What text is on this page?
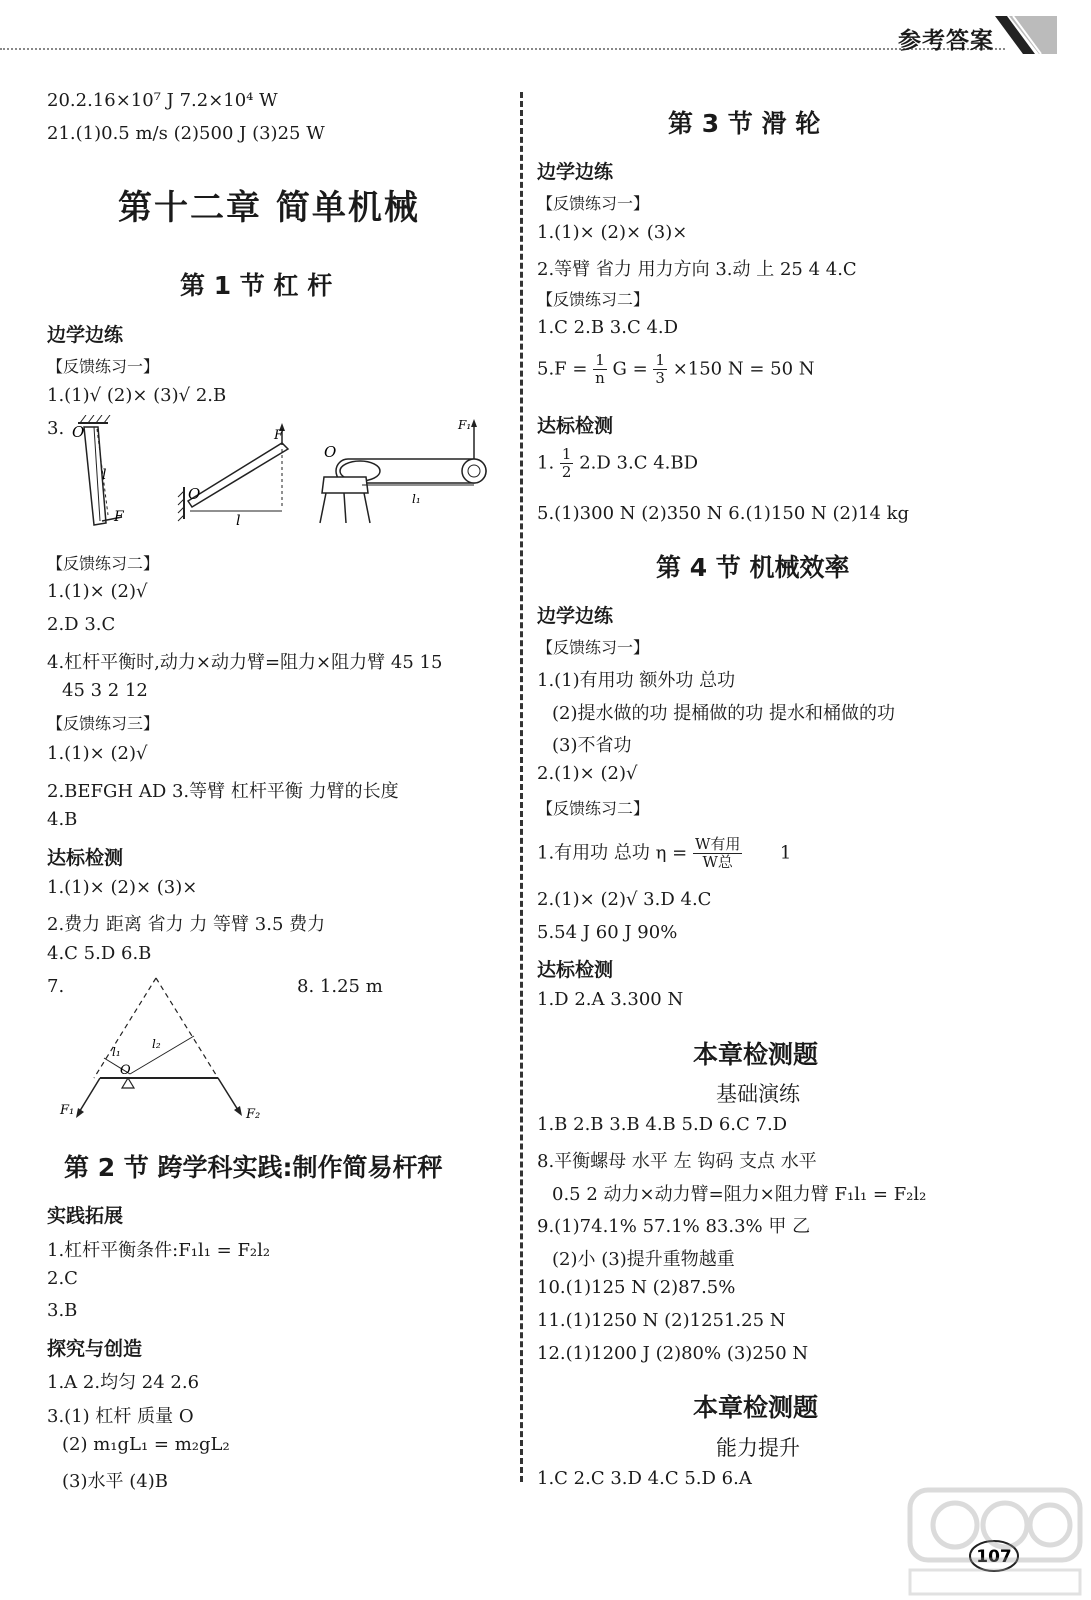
参考答案
20.2.16×10⁷ J 7.2×10⁴ W
21.(1)0.5 m/s (2)500 J (3)25 W
第十二章 简单机械
第 1 节 杠 杆
边学边练
【反馈练习一】
1.(1)√ (2)× (3)√ 2.B
3. O
l
F
O
F
l
O
F₁
l₁
【反馈练习二】
1.(1)× (2)√
2.D 3.C
4.杠杆平衡时,动力×动力臂=阻力×阻力臂 45 15
45 3 2 12
【反馈练习三】
1.(1)× (2)√
2.BEFGH AD 3.等臂 杠杆平衡 力臂的长度
4.B
达标检测
1.(1)× (2)× (3)×
2.费力 距离 省力 力 等臂 3.5 费力
4.C 5.D 6.B
7.	8. 1.25 m
O
l₁
l₂
F₁	F₂
第 2 节 跨学科实践:制作简易杆秤
实践拓展
1.杠杆平衡条件:F₁l₁ = F₂l₂
2.C
3.B
探究与创造
1.A 2.均匀 24 2.6
3.(1) 杠杆 质量 O
(2) m₁gL₁ = m₂gL₂
(3)水平 (4)B
第 3 节 滑 轮
边学边练
【反馈练习一】
1.(1)× (2)× (3)×
2.等臂 省力 用力方向 3.动 上 25 4 4.C
【反馈练习二】
1.C 2.B 3.C 4.D
$5.F = \frac{1}{n}$ $G = \frac{1}{3} \times 150$ N = 50 N
达标检测
1. $\frac{1}{2} 2.D$ 3.C 4.BD
5.(1)300 N (2)350 N 6.(1)150 N (2)14 kg
第 4 节 机械效率
边学边练
【反馈练习一】
1.(1)有用功 额外功 总功
(2)提水做的功 提桶做的功 提水和桶做的功
(3)不省功
2.(1)× (2)√
【反馈练习二】
1.有用功 总功 $\eta = \frac{\text{W有用}}{\text{W总}} 1$
2.(1)× (2)√ 3.D 4.C
5.54 J 60 J 90%
达标检测
1.D 2.A 3.300 N
本章检测题
基础演练
1.B 2.B 3.B 4.B 5.D 6.C 7.D
8.平衡螺母 水平 左 钩码 支点 水平
0.5 2 动力×动力臂=阻力×阻力臂 F₁l₁ = F₂l₂
9.(1)74.1% 57.1% 83.3% 甲 乙
(2)小 (3)提升重物越重
10.(1)125 N (2)87.5%
11.(1)1250 N (2)1251.25 N
12.(1)1200 J (2)80% (3)250 N
本章检测题
能力提升
1.C 2.C 3.D 4.C 5.D 6.A
107
